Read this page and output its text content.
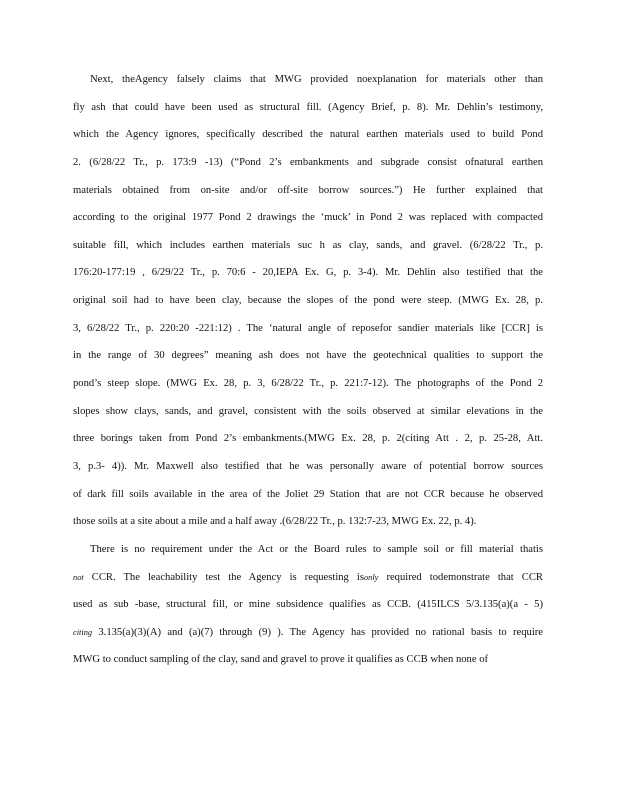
Next, theAgency falsely claims that MWG provided noexplanation for materials other than
fly ash that could have been used as structural fill. (Agency Brief, p. 8). Mr. Dehlin’s testimony,
which the Agency ignores, specifically described the natural earthen materials used to build Pond
2. (6/28/22 Tr., p. 173:9 -13) (“Pond 2’s embankments and subgrade consist ofnatural earthen
materials obtained from on-site and/or off-site borrow sources.”) He further explained that
according to the original 1977 Pond 2 drawings the ‘muck’ in Pond 2 was replaced with compacted
suitable fill, which includes earthen materials suc h as clay, sands, and gravel. (6/28/22 Tr., p.
176:20-177:19 , 6/29/22 Tr., p. 70:6 - 20,IEPA Ex. G, p. 3-4). Mr. Dehlin also testified that the
original soil had to have been clay, because the slopes of the pond were steep. (MWG Ex. 28, p.
3, 6/28/22 Tr., p. 220:20 -221:12) . The ‘natural angle of reposefor sandier materials like [CCR] is
in the range of 30 degrees” meaning ash does not have the geotechnical qualities to support the
pond’s steep slope. (MWG Ex. 28, p. 3, 6/28/22 Tr., p. 221:7-12). The photographs of the Pond 2
slopes show clays, sands, and gravel, consistent with the soils observed at similar elevations in the
three borings taken from Pond 2’s embankments.(MWG Ex. 28, p. 2(citing Att . 2, p. 25-28, Att.
3, p.3- 4)). Mr. Maxwell also testified that he was personally aware of potential borrow sources
of dark fill soils available in the area of the Joliet 29 Station that are not CCR because he observed
those soils at a site about a mile and a half away .(6/28/22 Tr., p. 132:7-23, MWG Ex. 22, p. 4).
There is no requirement under the Act or the Board rules to sample soil or fill material thatis
not CCR. The leachability test the Agency is requesting isonly required todemonstrate that CCR
used as sub -base, structural fill, or mine subsidence qualifies as CCB. (415ILCS 5/3.135(a)(a - 5)
citing 3.135(a)(3)(A) and (a)(7) through (9) ). The Agency has provided no rational basis to require
MWG to conduct sampling of the clay, sand and gravel to prove it qualifies as CCB when none of
